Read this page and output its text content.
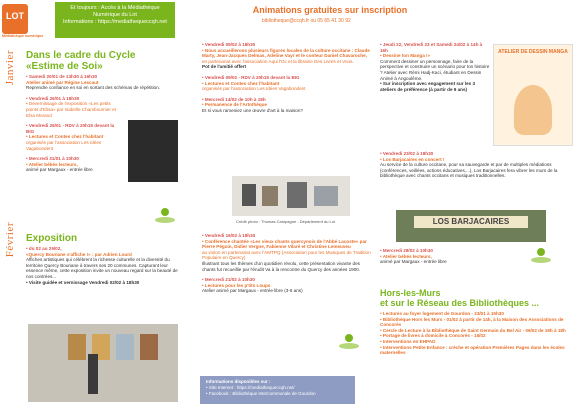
LOT
Médiathèque numérique
Et toujours : Accès à la Médiathèque
Numérique du Lot
Informations : https://mediathequeccqh.net
Animations gratuites sur inscription
bibliotheque@ccqh.fr ou 05 65 41 30 92
Janvier
Février
Dans le cadre du Cycle
«Estime de Soi»
• Samedi 20/01 de 13h30 à 16h30
Atelier animé par Régine Lescaut
Reprendre confiance en soi en sortant des schémas de répétition.
• Vendredi 26/01 à 18h30
• Dévernissage de l'exposition «Les petits points d'Elisa» par Isabelle Chambournier et Elsa Morand
• Vendredi 26/01 - RDV à 20h15 devant la BIG
• Lectures et Contes chez l'habitant
organisés par l'association Les Idées Vagabondent
• Mercredi 31/01 à 10h30
• Atelier bébés lecteurs,
animé par Margaux - entrée libre
Exposition
• du 02 au 29/02,
«Quercy Bouriane s'affiche !» : par Adrien Lourd
Affiches artistiques qui célèbrent la richesse culturelle et la diversité du territoire Quercy Bouriane à travers ses 20 communes. Capturant leur essence même, cette exposition invite un nouveau regard sur la beauté de nos contrées...
• Visite guidée et vernissage Vendredi 02/02 à 18h30
• Vendredi 09/02 à 18h30
• Nous accueillerons plusieurs figures locales de la culture occitane : Claude Marty, Jean-Jacques Delmas, Adeline Vayr et le conteur Daniel Chavaroche,
en partenariat avec l'association Aqui l'Oc et la librairie Des Livres et Vous.
Pot de l'amitié offert
• Vendredi 09/02 - RDV à 20h15 devant la BIG
• Lectures et Contes chez l'habitant
organisés par l'association Les Idées Vagabondent
• Mercredi 14/02 de 10h à 18h
• Permanence de l'Artothèque
Et si vous rameniez une œuvre d'art à la maison?
Crédit photo : Thomas Campagne - Département du Lot
• Vendredi 16/02 à 18h30
• Conférence chantée «Les vieux chants quercynois de l'Abbé Lacoste» par Pierre Péguin, Didier Vergne, Fabienne Vilaré et Christine Lemeuveu
au violon en partenariat avec l'AMTPQ (Association pour les Musiques de Tradition Populaire en Quercy)
Illustrant tous les thèmes d'un quotidien révolu, cette présentation vivante des chants fut recueillie par l'érudit Va à la rencontre du Quercy des années 1900.
• Mercredi 21/02 à 10h30
• Lectures pour les p'tits Loups
Atelier animé par Margaux - entrée libre (3-6 ans)
Informations disponibles sur :
• Site Internet : https://mediathequeccqh.net/
• Facebook : Bibliothèque Intercommunale de Gourdon
• Jeudi 22, Vendredi 23 et Samedi 24/02 à 14h à 16h
• Dessine ton Manga !»
Comment dessiner un personnage, faire de la perspective et construire un scénario pour ton histoire ? Atelier avec Rémi Hadj-Kaci, étudiant en Dessin Animé à Angoulême.
• Sur inscription avec engagement sur les 3 ateliers de préférence (à partir de 9 ans)
ATELIER DE DESSIN MANGA
• Vendredi 23/02 à 18h30
• Los Barjacaires en concert !
Au service de la culture occitane, pour sa sauvegarde et par de multiples médiations (conférences, veillées, actions éducatives,...), Los Barjacaires fera vibrer les murs de la bibliothèque avec chants occitans et musiques traditionnelles.
LOS BARJACAIRES
• Mercredi 28/02 à 10h30
• Atelier bébés lecteurs,
animé par Margaux - entrée libre
Hors-les-Murs
et sur le Réseau des Bibliothèques ...
• Lectures au foyer logement de Gourdon - 23/01 à 15h30
• Bibliothèque Hors les Murs - 01/02 à partir de 14h, à la Maison des Associations de Concorès
• Cercle de Lecture à la Bibliothèque de Saint Germain du Bel Air - 06/02 de 16h à 18h
• Portage de livres à domicile à Concorès - 15/02
• Interventions en EHPAD
• Interventions Petite Enfance : crèche et opération Premières Pages dans les écoles maternelles
